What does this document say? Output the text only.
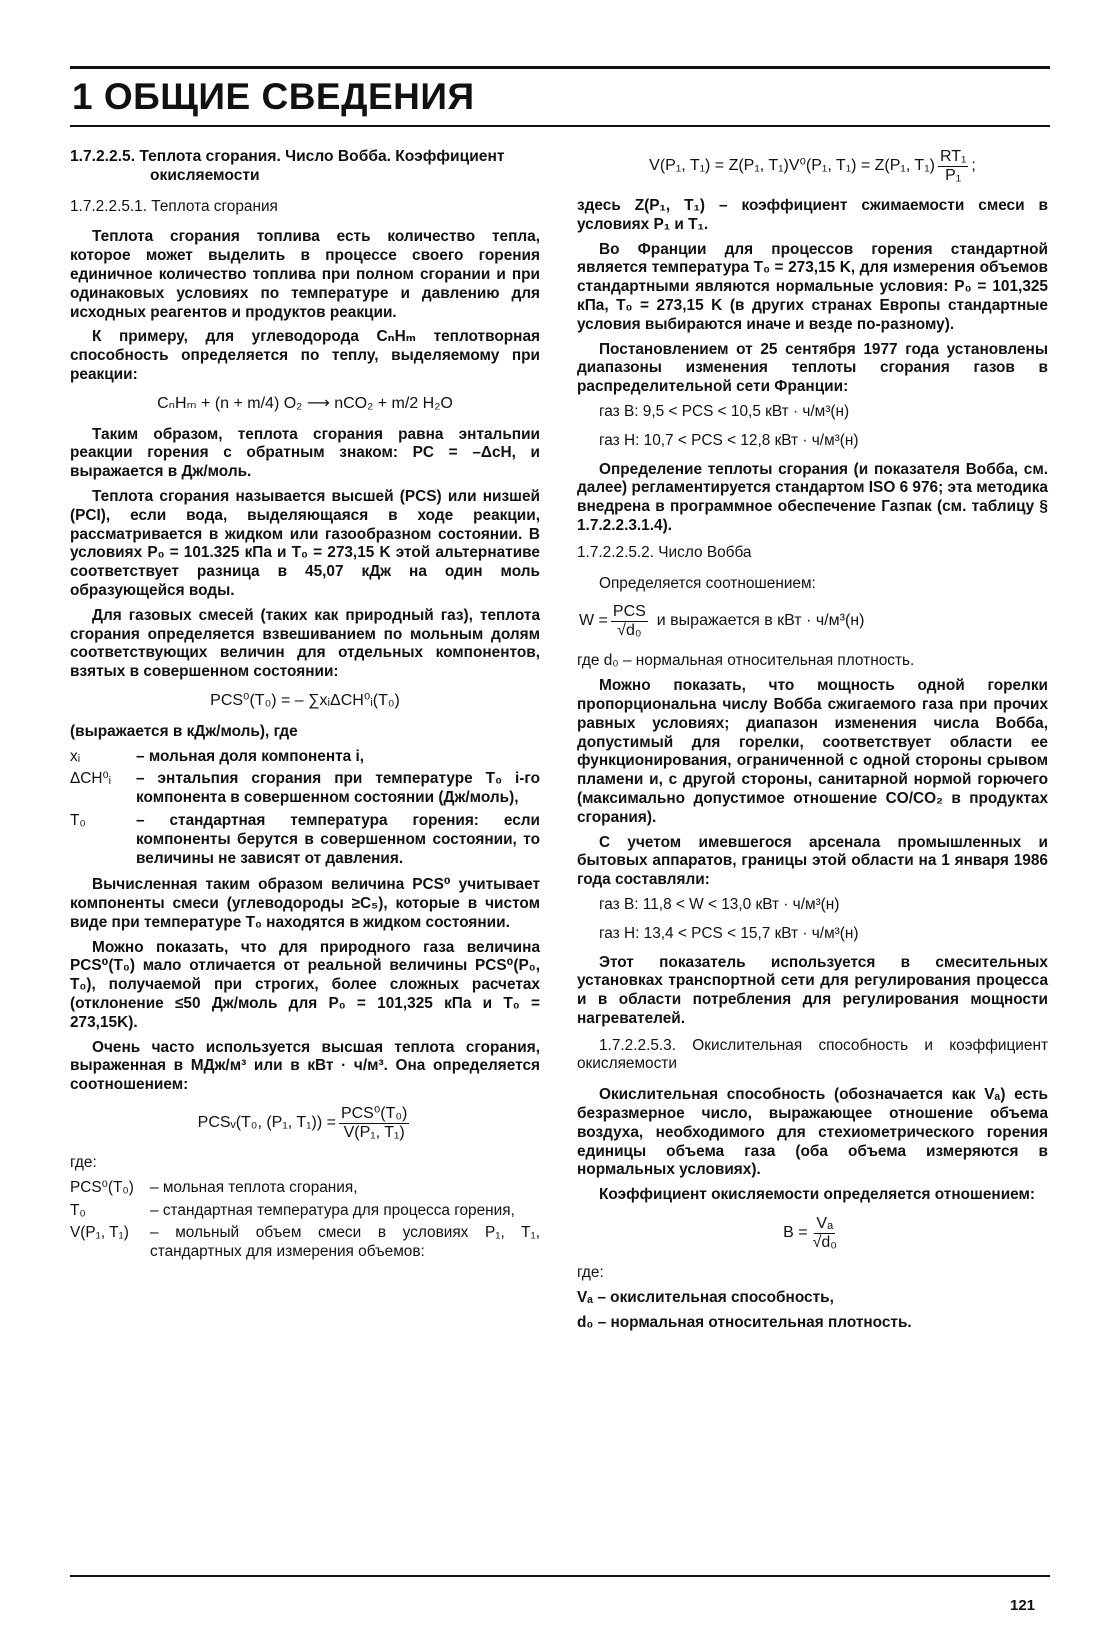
1 ОБЩИЕ СВЕДЕНИЯ
1.7.2.2.5. Теплота сгорания. Число Вобба. Коэффициент окисляемости
1.7.2.2.5.1. Теплота сгорания

Теплота сгорания топлива есть количество тепла, которое может выделить в процессе своего горения единичное количество топлива при полном сгорании и при одинаковых условиях по температуре и давлению для исходных реагентов и продуктов реакции.

К примеру, для углеводорода CₙHₘ теплотворная способность определяется по теплу, выделяемому при реакции:

CₙHₘ + (n + m/4) O₂ ⟶ nCO₂ + m/2 H₂O

Таким образом, теплота сгорания равна энтальпии реакции горения с обратным знаком: PC = –ΔcH, и выражается в Дж/моль.

Теплота сгорания называется высшей (PCS) или низшей (PCI), если вода, выделяющаяся в ходе реакции, рассматривается в жидком или газообразном состоянии. В условиях P₀ = 101.325 кПа и T₀ = 273,15 K этой альтернативе соответствует разница в 45,07 кДж на один моль образующейся воды.

Для газовых смесей (таких как природный газ), теплота сгорания определяется взвешиванием по мольным долям соответствующих величин для отдельных компонентов, взятых в совершенном состоянии:

PCS⁰(T₀) = – ∑xᵢΔCH⁰ᵢ(T₀)

(выражается в кДж/моль), где

xᵢ	– мольная доля компонента i,
ΔCH⁰ᵢ	– энтальпия сгорания при температуре T₀ i-го компонента в совершенном состоянии (Дж/моль),
T₀	– стандартная температура горения: если компоненты берутся в совершенном состоянии, то величины не зависят от давления.

Вычисленная таким образом величина PCS⁰ учитывает компоненты смеси (углеводороды ≥C₅), которые в чистом виде при температуре T₀ находятся в жидком состоянии.

Можно показать, что для природного газа величина PCS⁰(T₀) мало отличается от реальной величины PCS⁰(P₀, T₀), получаемой при строгих, более сложных расчетах (отклонение ≤50 Дж/моль для P₀ = 101,325 кПа и T₀ = 273,15K).

Очень часто используется высшая теплота сгорания, выраженная в МДж/м³ или в кВт · ч/м³. Она определяется соотношением:

PCSᵥ(T₀, (P₁, $T_1)) = \frac{\text{PCS⁰(T₀)}}{\text{V(P₁, T₁)}}$

где:

PCS⁰(T₀)	– мольная теплота сгорания,
T₀	– стандартная температура для процесса горения,
V(P₁, T₁)	– мольный объем смеси в условиях P₁, T₁, стандартных для измерения объемов:
V(P₁, T₁) = Z(P₁, T₁)V⁰(P₁, T₁) = Z(P₁, $T_1) \frac{\text{RT₁}}{\text{P₁}}$ ;

здесь Z(P₁, T₁) – коэффициент сжимаемости смеси в условиях P₁ и T₁.

Во Франции для процессов горения стандартной является температура T₀ = 273,15 K, для измерения объемов стандартными являются нормальные условия: P₀ = 101,325 кПа, T₀ = 273,15 K (в других странах Европы стандартные условия выбираются иначе и везде по-разному).

Постановлением от 25 сентября 1977 года установлены диапазоны изменения теплоты сгорания газов в распределительной сети Франции:

газ B: 9,5 < PCS < 10,5 кВт · ч/м³(н)
газ H: 10,7 < PCS < 12,8 кВт · ч/м³(н)

Определение теплоты сгорания (и показателя Вобба, см. далее) регламентируется стандартом ISO 6 976; эта методика внедрена в программное обеспечение Газпак (см. таблицу § 1.7.2.2.3.1.4).

1.7.2.2.5.2. Число Вобба

Определяется соотношением:

$W = \frac{\text{PCS}}{\text{√d₀}}$ и выражается в кВт · ч/м³(н)

где d₀ – нормальная относительная плотность.

Можно показать, что мощность одной горелки пропорциональна числу Вобба сжигаемого газа при прочих равных условиях; диапазон изменения числа Вобба, допустимый для горелки, соответствует области ее функционирования, ограниченной с одной стороны срывом пламени и, с другой стороны, санитарной нормой горючего (максимально допустимое отношение CO/CO₂ в продуктах сгорания).

С учетом имевшегося арсенала промышленных и бытовых аппаратов, границы этой области на 1 января 1986 года составляли:

газ B: 11,8 < W < 13,0 кВт · ч/м³(н)
газ H: 13,4 < PCS < 15,7 кВт · ч/м³(н)

Этот показатель используется в смесительных установках транспортной сети для регулирования процесса и в области потребления для регулирования мощности нагревателей.

1.7.2.2.5.3. Окислительная способность и коэффициент окисляемости

Окислительная способность (обозначается как Vₐ) есть безразмерное число, выражающее отношение объема воздуха, необходимого для стехиометрического горения единицы объема газа (оба объема измеряются в нормальных условиях).

Коэффициент окисляемости определяется отношением:

$B = \frac{\text{Vₐ}}{\text{√d₀}}$

где:

Vₐ – окислительная способность,

d₀ – нормальная относительная плотность.

121
